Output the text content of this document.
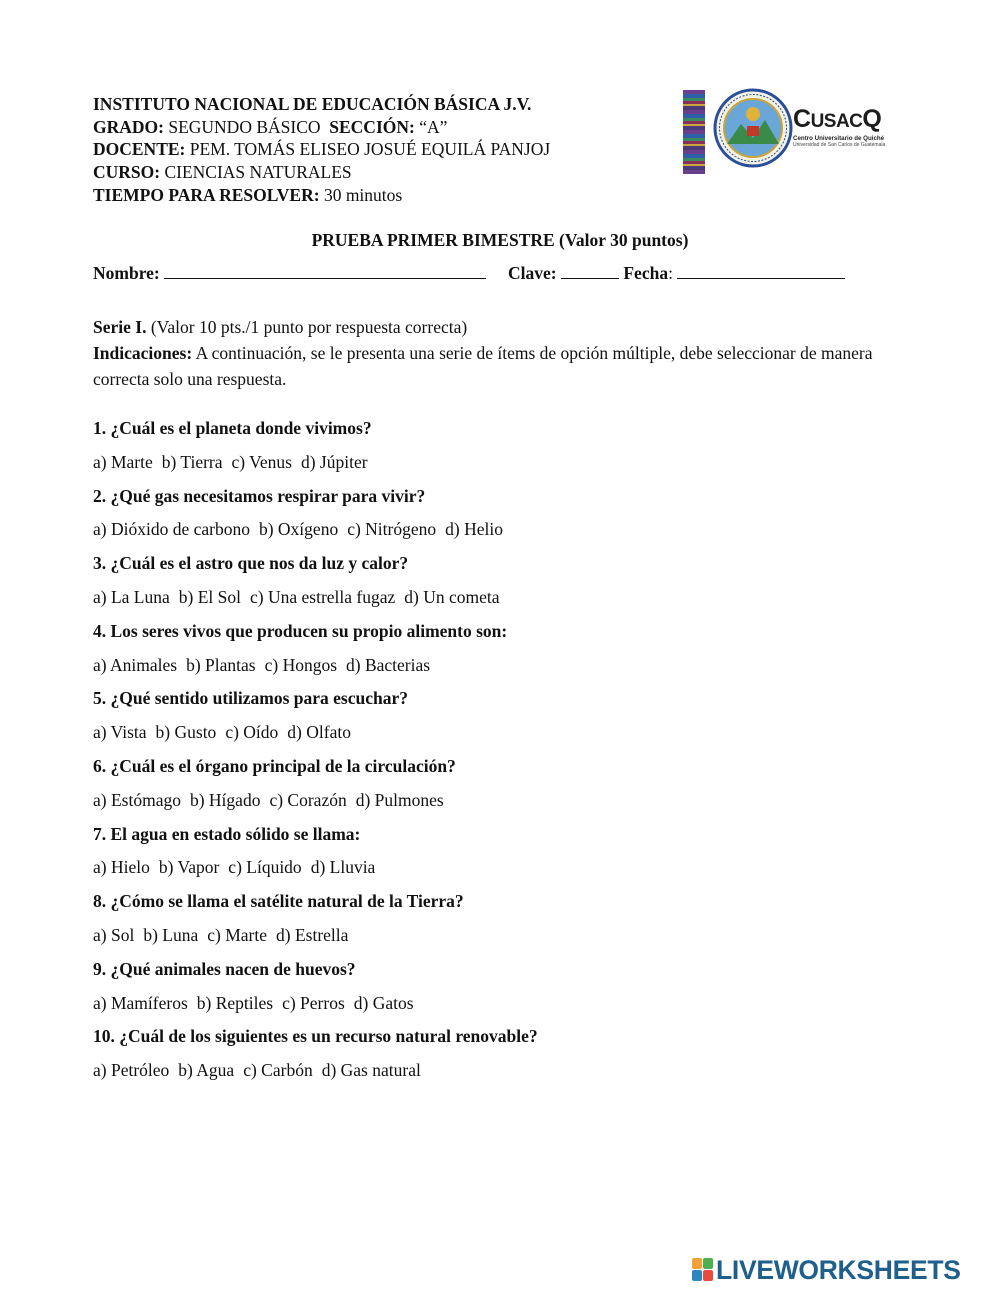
INSTITUTO NACIONAL DE EDUCACIÓN BÁSICA J.V.
GRADO: SEGUNDO BÁSICO SECCIÓN: “A”
DOCENTE: PEM. TOMÁS ELISEO JOSUÉ EQUILÁ PANJOJ
CURSO: CIENCIAS NATURALES
TIEMPO PARA RESOLVER: 30 minutos
CUSACQ
Centro Universitario de Quiché
Universidad de San Carlos de Guatemala
PRUEBA PRIMER BIMESTRE (Valor 30 puntos)
Nombre:	Clave:	Fecha:
Serie I. (Valor 10 pts./1 punto por respuesta correcta)
Indicaciones: A continuación, se le presenta una serie de ítems de opción múltiple, debe seleccionar de manera correcta solo una respuesta.
1. ¿Cuál es el planeta donde vivimos?
a) Marte b) Tierra c) Venus d) Júpiter
2. ¿Qué gas necesitamos respirar para vivir?
a) Dióxido de carbono b) Oxígeno c) Nitrógeno d) Helio
3. ¿Cuál es el astro que nos da luz y calor?
a) La Luna b) El Sol c) Una estrella fugaz d) Un cometa
4. Los seres vivos que producen su propio alimento son:
a) Animales b) Plantas c) Hongos d) Bacterias
5. ¿Qué sentido utilizamos para escuchar?
a) Vista b) Gusto c) Oído d) Olfato
6. ¿Cuál es el órgano principal de la circulación?
a) Estómago b) Hígado c) Corazón d) Pulmones
7. El agua en estado sólido se llama:
a) Hielo b) Vapor c) Líquido d) Lluvia
8. ¿Cómo se llama el satélite natural de la Tierra?
a) Sol b) Luna c) Marte d) Estrella
9. ¿Qué animales nacen de huevos?
a) Mamíferos b) Reptiles c) Perros d) Gatos
10. ¿Cuál de los siguientes es un recurso natural renovable?
a) Petróleo b) Agua c) Carbón d) Gas natural
LIVEWORKSHEETS
